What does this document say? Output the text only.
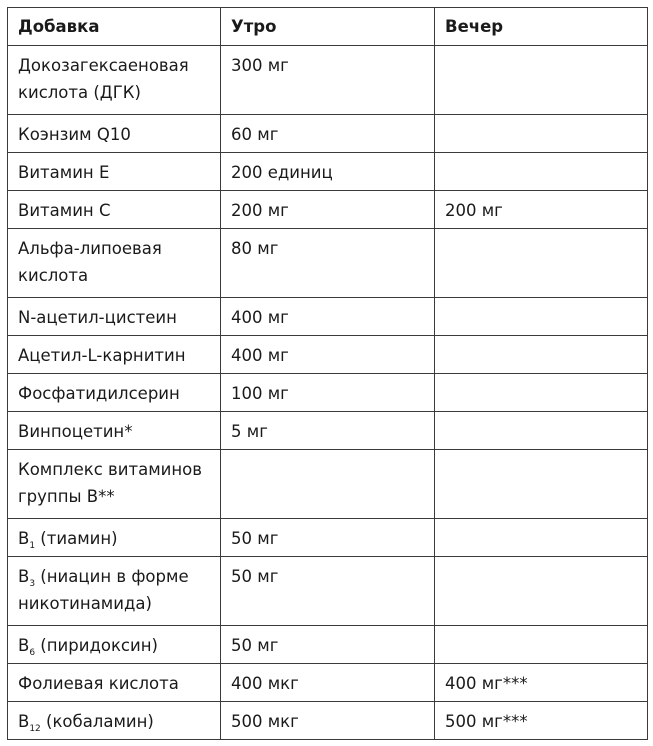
Добавка	Утро	Вечер
Докозагексаеновая кислота (ДГК)	300 мг	
Коэнзим Q10	60 мг	
Витамин E	200 единиц	
Витамин C	200 мг	200 мг
Альфа-липоевая кислота	80 мг	
N-ацетил-цистеин	400 мг	
Ацетил-L-карнитин	400 мг	
Фосфатидилсерин	100 мг	
Винпоцетин*	5 мг	
Комплекс витаминов группы B**		
$B_1$ (тиамин)	50 мг	
$B_3$ (ниацин в форме никотинамида)	50 мг	
$B_6$ (пиридоксин)	50 мг	
Фолиевая кислота	400 мкг	400 мг***
$B_{12}$ (кобаламин)	500 мкг	500 мг***
